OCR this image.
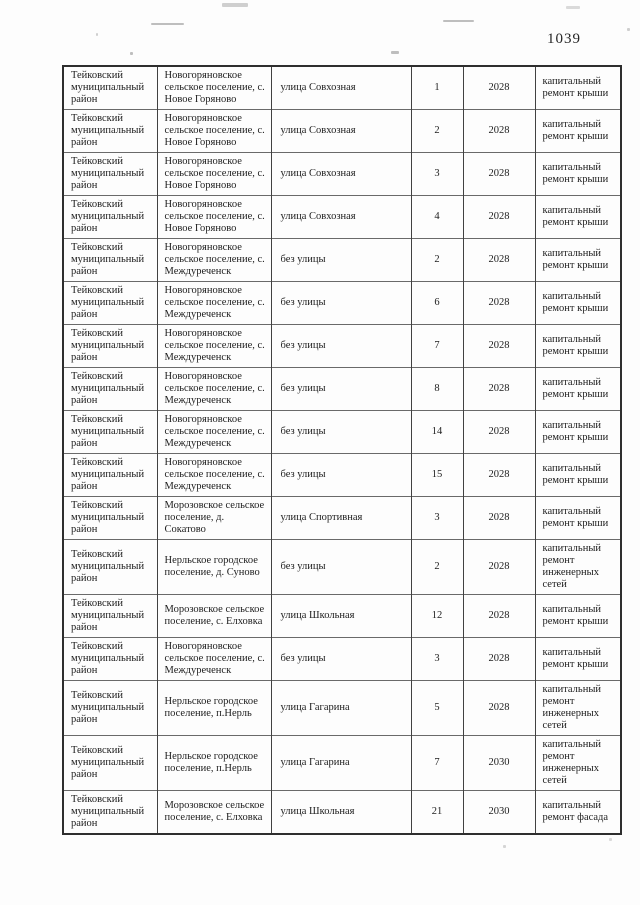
1039
Тейковский муниципальный район	Новогоряновское сельское поселение, с. Новое Горяново	улица Совхозная	1	2028	капитальный ремонт крыши
Тейковский муниципальный район	Новогоряновское сельское поселение, с. Новое Горяново	улица Совхозная	2	2028	капитальный ремонт крыши
Тейковский муниципальный район	Новогоряновское сельское поселение, с. Новое Горяново	улица Совхозная	3	2028	капитальный ремонт крыши
Тейковский муниципальный район	Новогоряновское сельское поселение, с. Новое Горяново	улица Совхозная	4	2028	капитальный ремонт крыши
Тейковский муниципальный район	Новогоряновское сельское поселение, с. Междуреченск	без улицы	2	2028	капитальный ремонт крыши
Тейковский муниципальный район	Новогоряновское сельское поселение, с. Междуреченск	без улицы	6	2028	капитальный ремонт крыши
Тейковский муниципальный район	Новогоряновское сельское поселение, с. Междуреченск	без улицы	7	2028	капитальный ремонт крыши
Тейковский муниципальный район	Новогоряновское сельское поселение, с. Междуреченск	без улицы	8	2028	капитальный ремонт крыши
Тейковский муниципальный район	Новогоряновское сельское поселение, с. Междуреченск	без улицы	14	2028	капитальный ремонт крыши
Тейковский муниципальный район	Новогоряновское сельское поселение, с. Междуреченск	без улицы	15	2028	капитальный ремонт крыши
Тейковский муниципальный район	Морозовское сельское поселение, д. Сокатово	улица Спортивная	3	2028	капитальный ремонт крыши
Тейковский муниципальный район	Нерльское городское поселение, д. Суново	без улицы	2	2028	капитальный ремонт инженерных сетей
Тейковский муниципальный район	Морозовское сельское поселение, с. Елховка	улица Школьная	12	2028	капитальный ремонт крыши
Тейковский муниципальный район	Новогоряновское сельское поселение, с. Междуреченск	без улицы	3	2028	капитальный ремонт крыши
Тейковский муниципальный район	Нерльское городское поселение, п.Нерль	улица Гагарина	5	2028	капитальный ремонт инженерных сетей
Тейковский муниципальный район	Нерльское городское поселение, п.Нерль	улица Гагарина	7	2030	капитальный ремонт инженерных сетей
Тейковский муниципальный район	Морозовское сельское поселение, с. Елховка	улица Школьная	21	2030	капитальный ремонт фасада
